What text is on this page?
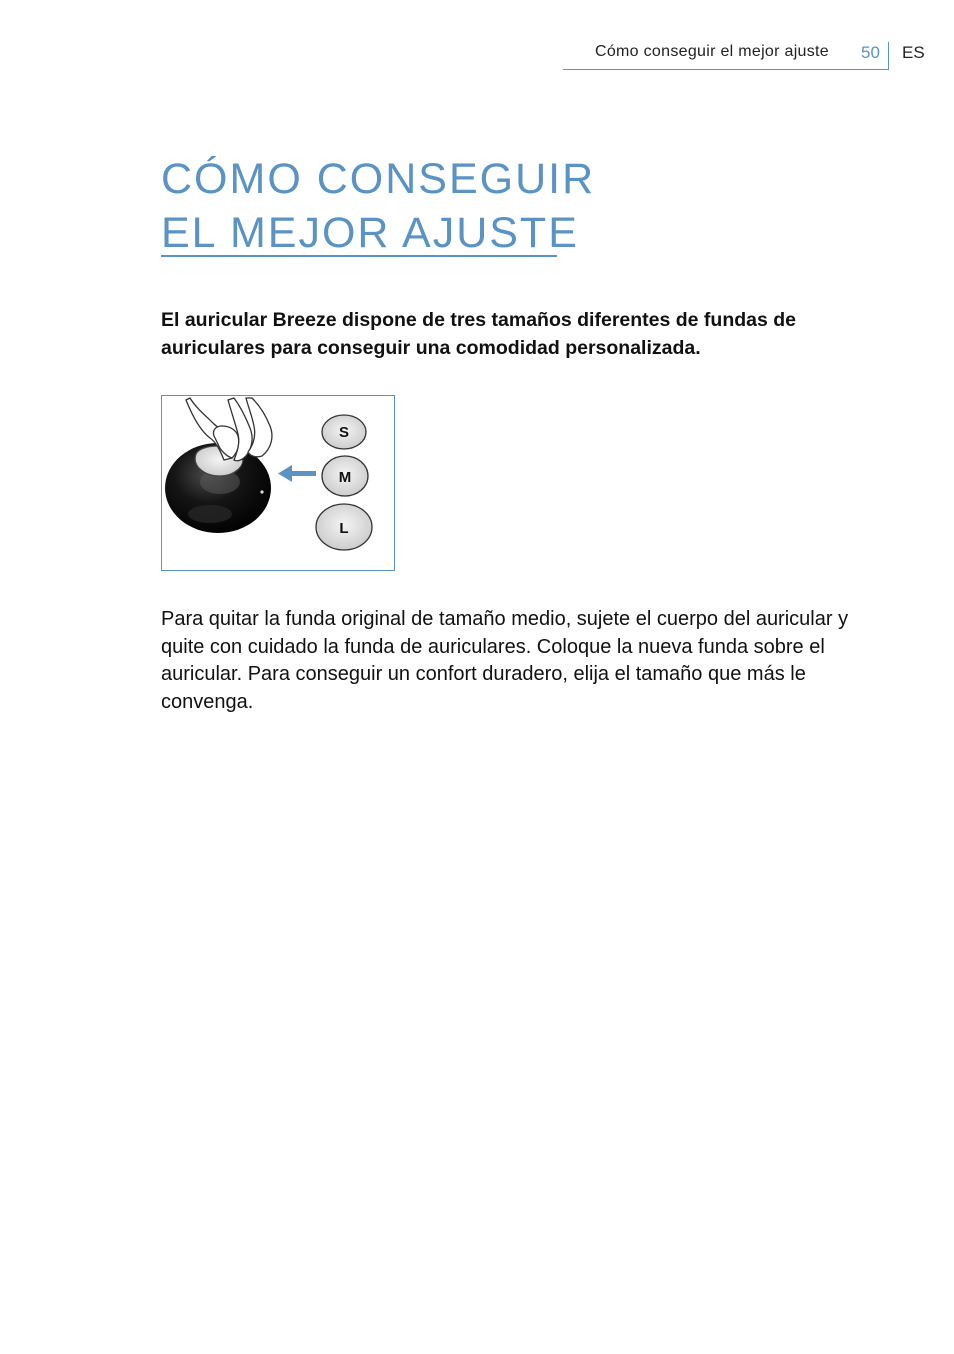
Cómo conseguir el mejor ajuste 50 ES
CÓMO CONSEGUIR
EL MEJOR AJUSTE

El auricular Breeze dispone de tres tamaños diferentes de fundas de auriculares para conseguir una comodidad personalizada.

S
M
L

Para quitar la funda original de tamaño medio, sujete el cuerpo del auricular y quite con cuidado la funda de auriculares. Coloque la nueva funda sobre el auricular. Para conseguir un confort duradero, elija el tamaño que más le convenga.
